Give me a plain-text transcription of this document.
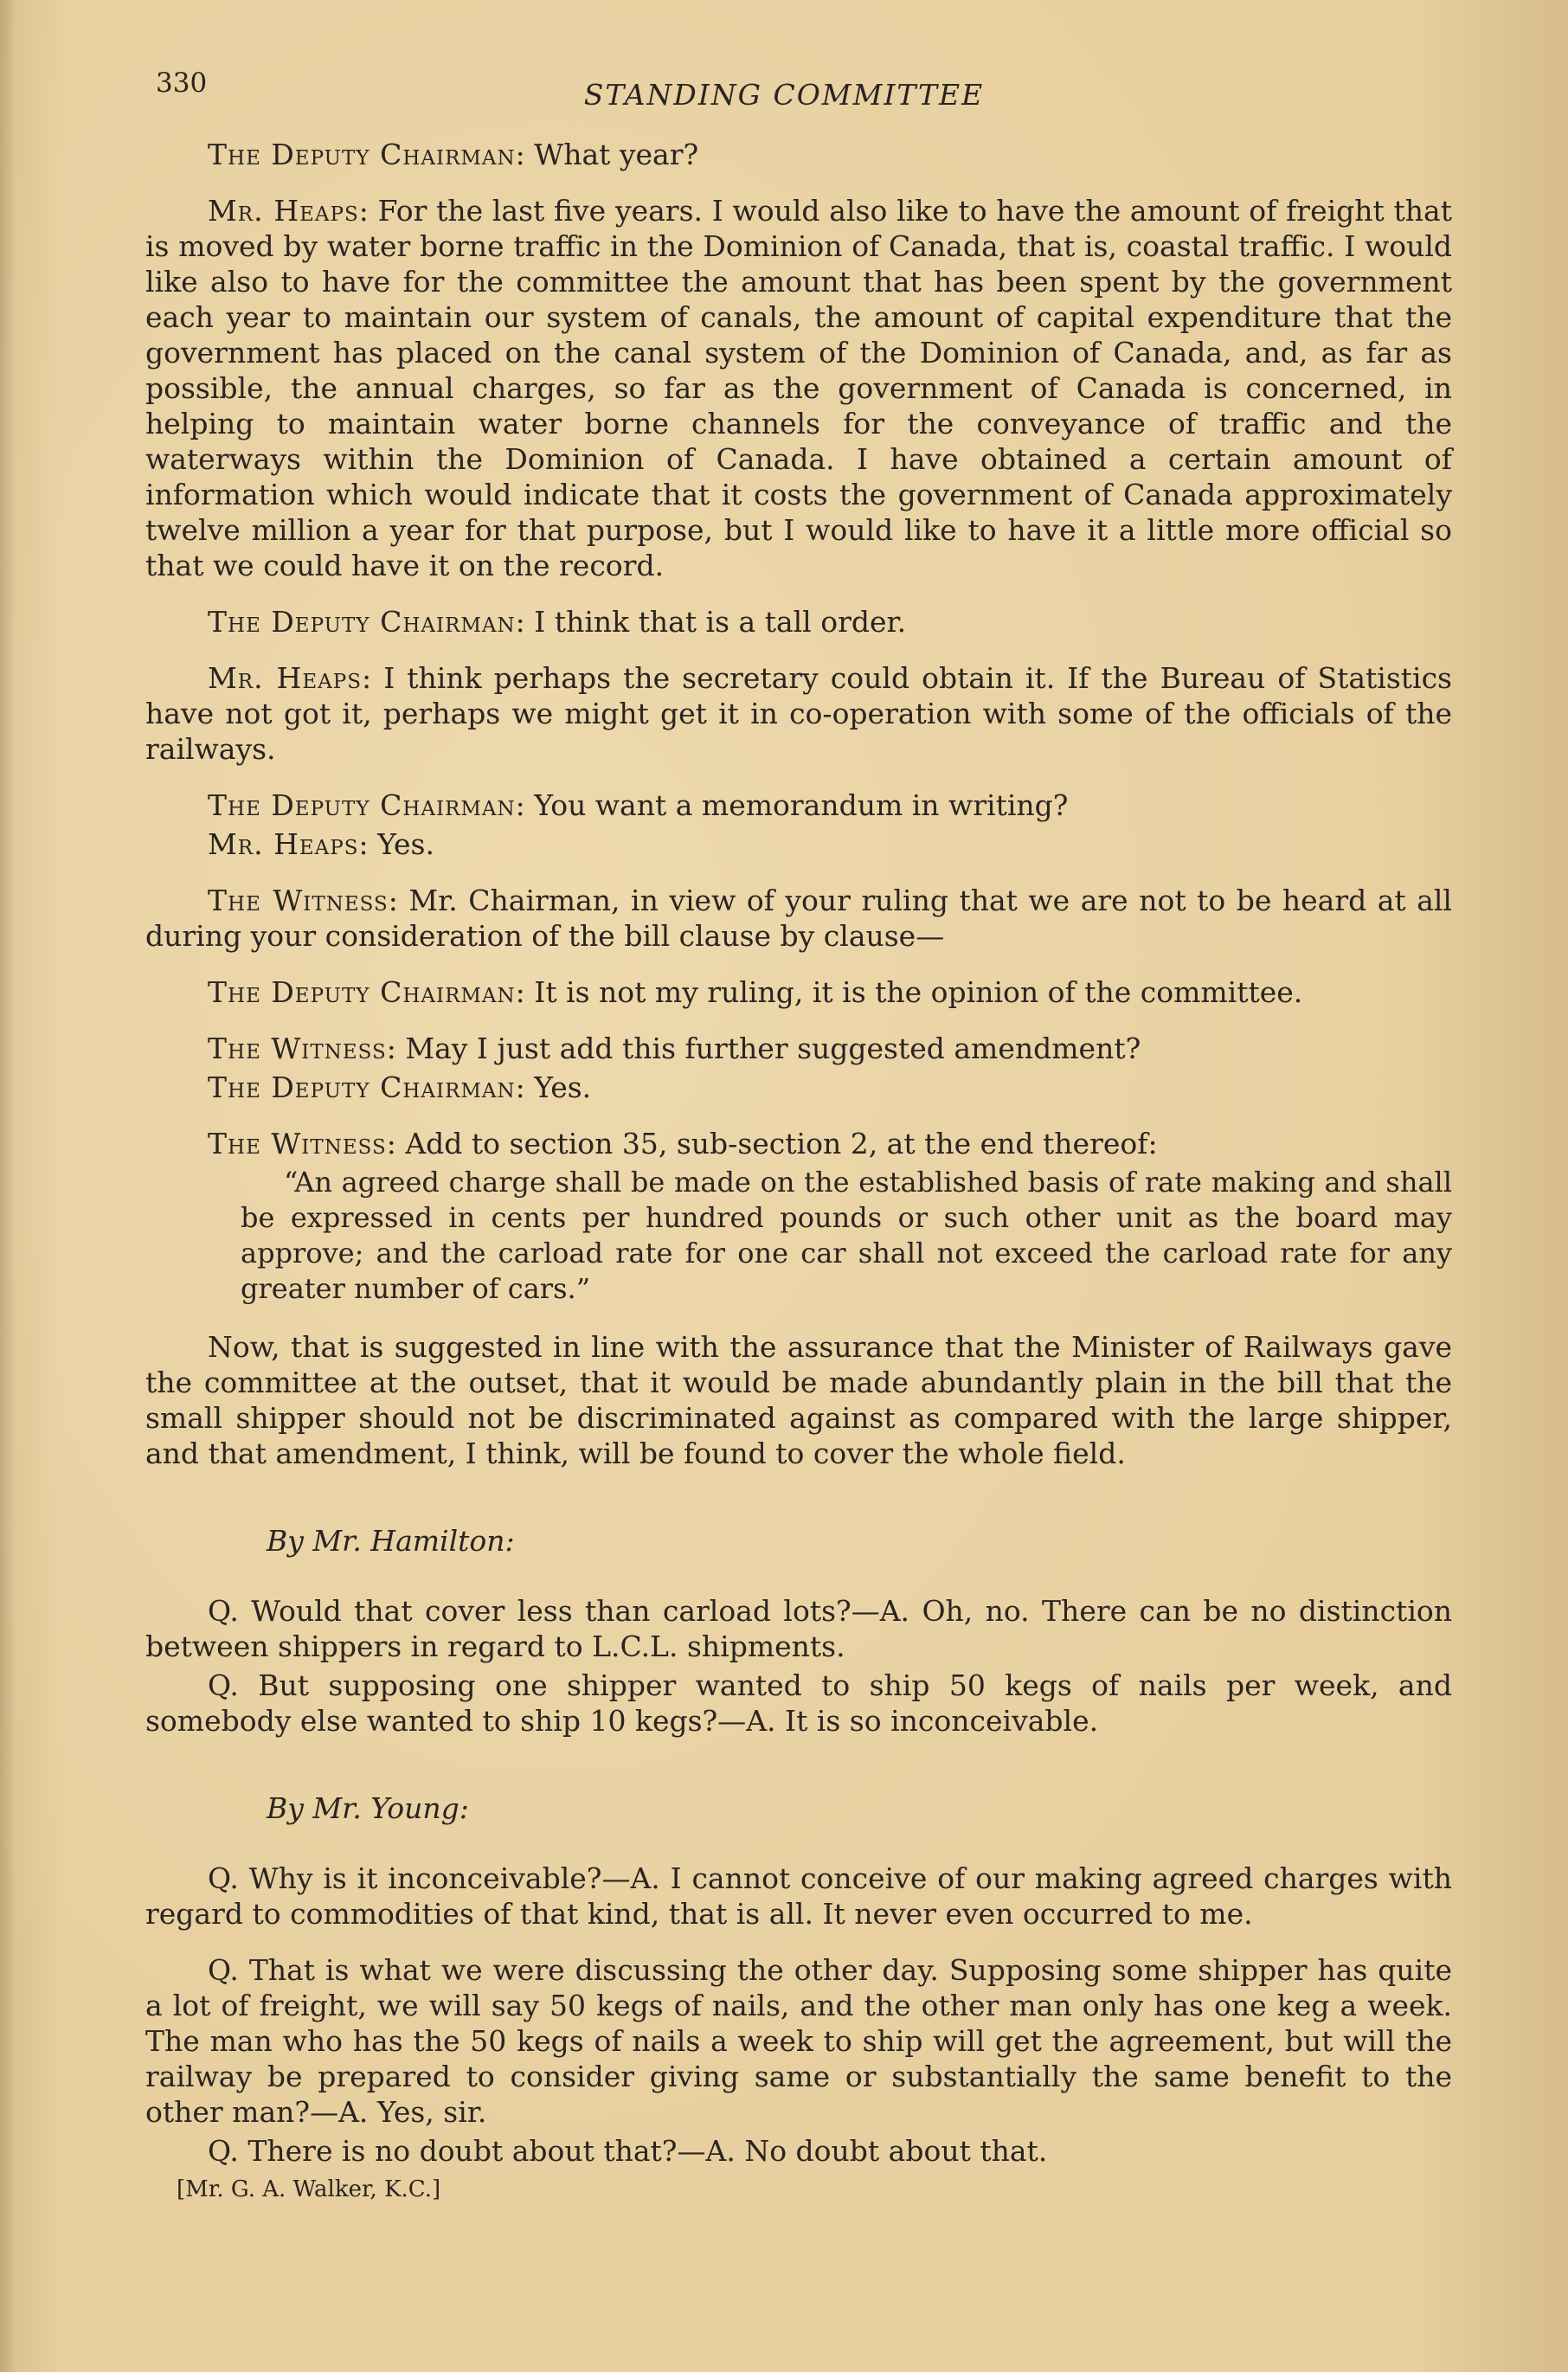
330	STANDING COMMITTEE

The Deputy Chairman: What year?

Mr. Heaps: For the last five years. I would also like to have the amount of freight that is moved by water borne traffic in the Dominion of Canada, that is, coastal traffic. I would like also to have for the committee the amount that has been spent by the government each year to maintain our system of canals, the amount of capital expenditure that the government has placed on the canal system of the Dominion of Canada, and, as far as possible, the annual charges, so far as the government of Canada is concerned, in helping to maintain water borne channels for the conveyance of traffic and the waterways within the Dominion of Canada. I have obtained a certain amount of information which would indicate that it costs the government of Canada approximately twelve million a year for that purpose, but I would like to have it a little more official so that we could have it on the record.

The Deputy Chairman: I think that is a tall order.

Mr. Heaps: I think perhaps the secretary could obtain it. If the Bureau of Statistics have not got it, perhaps we might get it in co-operation with some of the officials of the railways.

The Deputy Chairman: You want a memorandum in writing?

Mr. Heaps: Yes.

The Witness: Mr. Chairman, in view of your ruling that we are not to be heard at all during your consideration of the bill clause by clause—

The Deputy Chairman: It is not my ruling, it is the opinion of the committee.

The Witness: May I just add this further suggested amendment?

The Deputy Chairman: Yes.

The Witness: Add to section 35, sub-section 2, at the end thereof:

“An agreed charge shall be made on the established basis of rate making and shall be expressed in cents per hundred pounds or such other unit as the board may approve; and the carload rate for one car shall not exceed the carload rate for any greater number of cars.”

Now, that is suggested in line with the assurance that the Minister of Railways gave the committee at the outset, that it would be made abundantly plain in the bill that the small shipper should not be discriminated against as compared with the large shipper, and that amendment, I think, will be found to cover the whole field.

By Mr. Hamilton:

Q. Would that cover less than carload lots?—A. Oh, no. There can be no distinction between shippers in regard to L.C.L. shipments.

Q. But supposing one shipper wanted to ship 50 kegs of nails per week, and somebody else wanted to ship 10 kegs?—A. It is so inconceivable.

By Mr. Young:

Q. Why is it inconceivable?—A. I cannot conceive of our making agreed charges with regard to commodities of that kind, that is all. It never even occurred to me.

Q. That is what we were discussing the other day. Supposing some shipper has quite a lot of freight, we will say 50 kegs of nails, and the other man only has one keg a week. The man who has the 50 kegs of nails a week to ship will get the agreement, but will the railway be prepared to consider giving same or substantially the same benefit to the other man?—A. Yes, sir.

Q. There is no doubt about that?—A. No doubt about that.

[Mr. G. A. Walker, K.C.]
